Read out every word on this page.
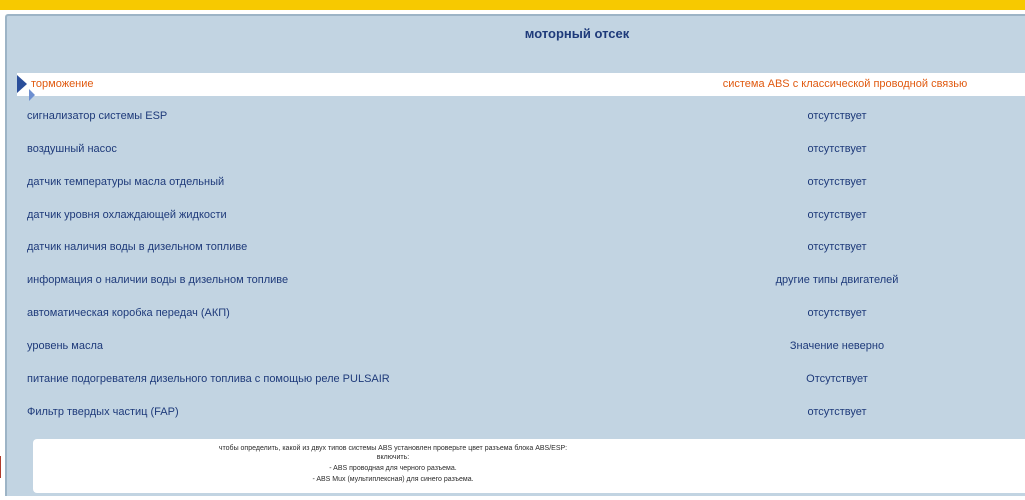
моторный отсек
торможение	система ABS с классической проводной связью
сигнализатор системы ESP	отсутствует
воздушный насос	отсутствует
датчик температуры масла отдельный	отсутствует
датчик уровня охлаждающей жидкости	отсутствует
датчик наличия воды в дизельном топливе	отсутствует
информация о наличии воды в дизельном топливе	другие типы двигателей
автоматическая коробка передач (АКП)	отсутствует
уровень масла	Значение неверно
питание подогревателя дизельного топлива с помощью реле PULSAIR	Отсутствует
Фильтр твердых частиц (FAP)	отсутствует
чтобы определить, какой из двух типов системы ABS установлен проверьте цвет разъема блока ABS/ESP:
включить:
- ABS проводная для черного разъема.
- ABS Mux (мультиплексная) для синего разъема.
